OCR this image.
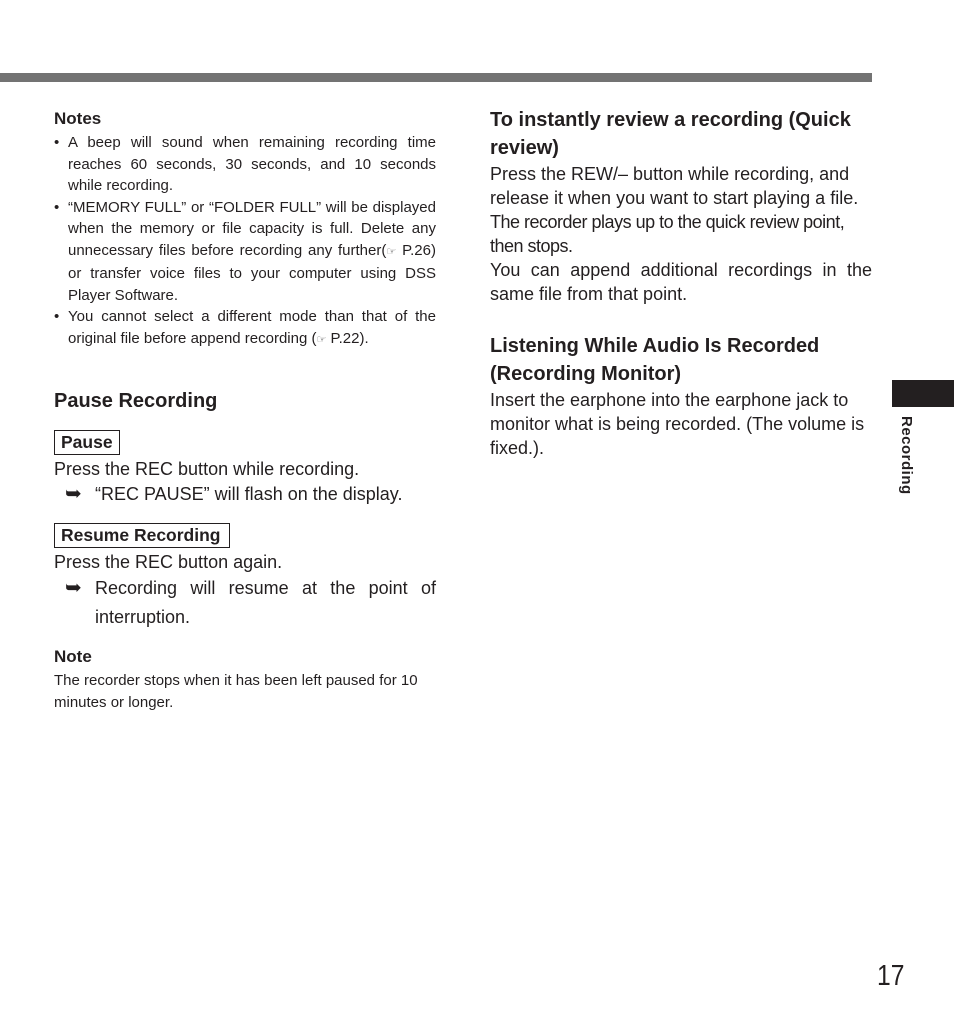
Notes
• A beep will sound when remaining recording time reaches 60 seconds, 30 seconds, and 10 seconds while recording.
• “MEMORY FULL” or “FOLDER FULL” will be displayed when the memory or file capacity is full. Delete any unnecessary files before recording any further(☞ P.26) or transfer voice files to your computer using DSS Player Software.
• You cannot select a different mode than that of the original file before append recording (☞ P.22).
Pause Recording
Pause

Press the REC button while recording.

➥ “REC PAUSE” will flash on the display.
Resume Recording

Press the REC button again.

➥ Recording will resume at the point of interruption.
Note

The recorder stops when it has been left paused for 10 minutes or longer.

To instantly review a recording (Quick review)

Press the REW/– button while recording, and release it when you want to start playing a file.

The recorder plays up to the quick review point, then stops.

You can append additional recordings in the same file from that point.

Listening While Audio Is Recorded (Recording Monitor)

Insert the earphone into the earphone jack to monitor what is being recorded. (The volume is fixed.).	Recording
17
